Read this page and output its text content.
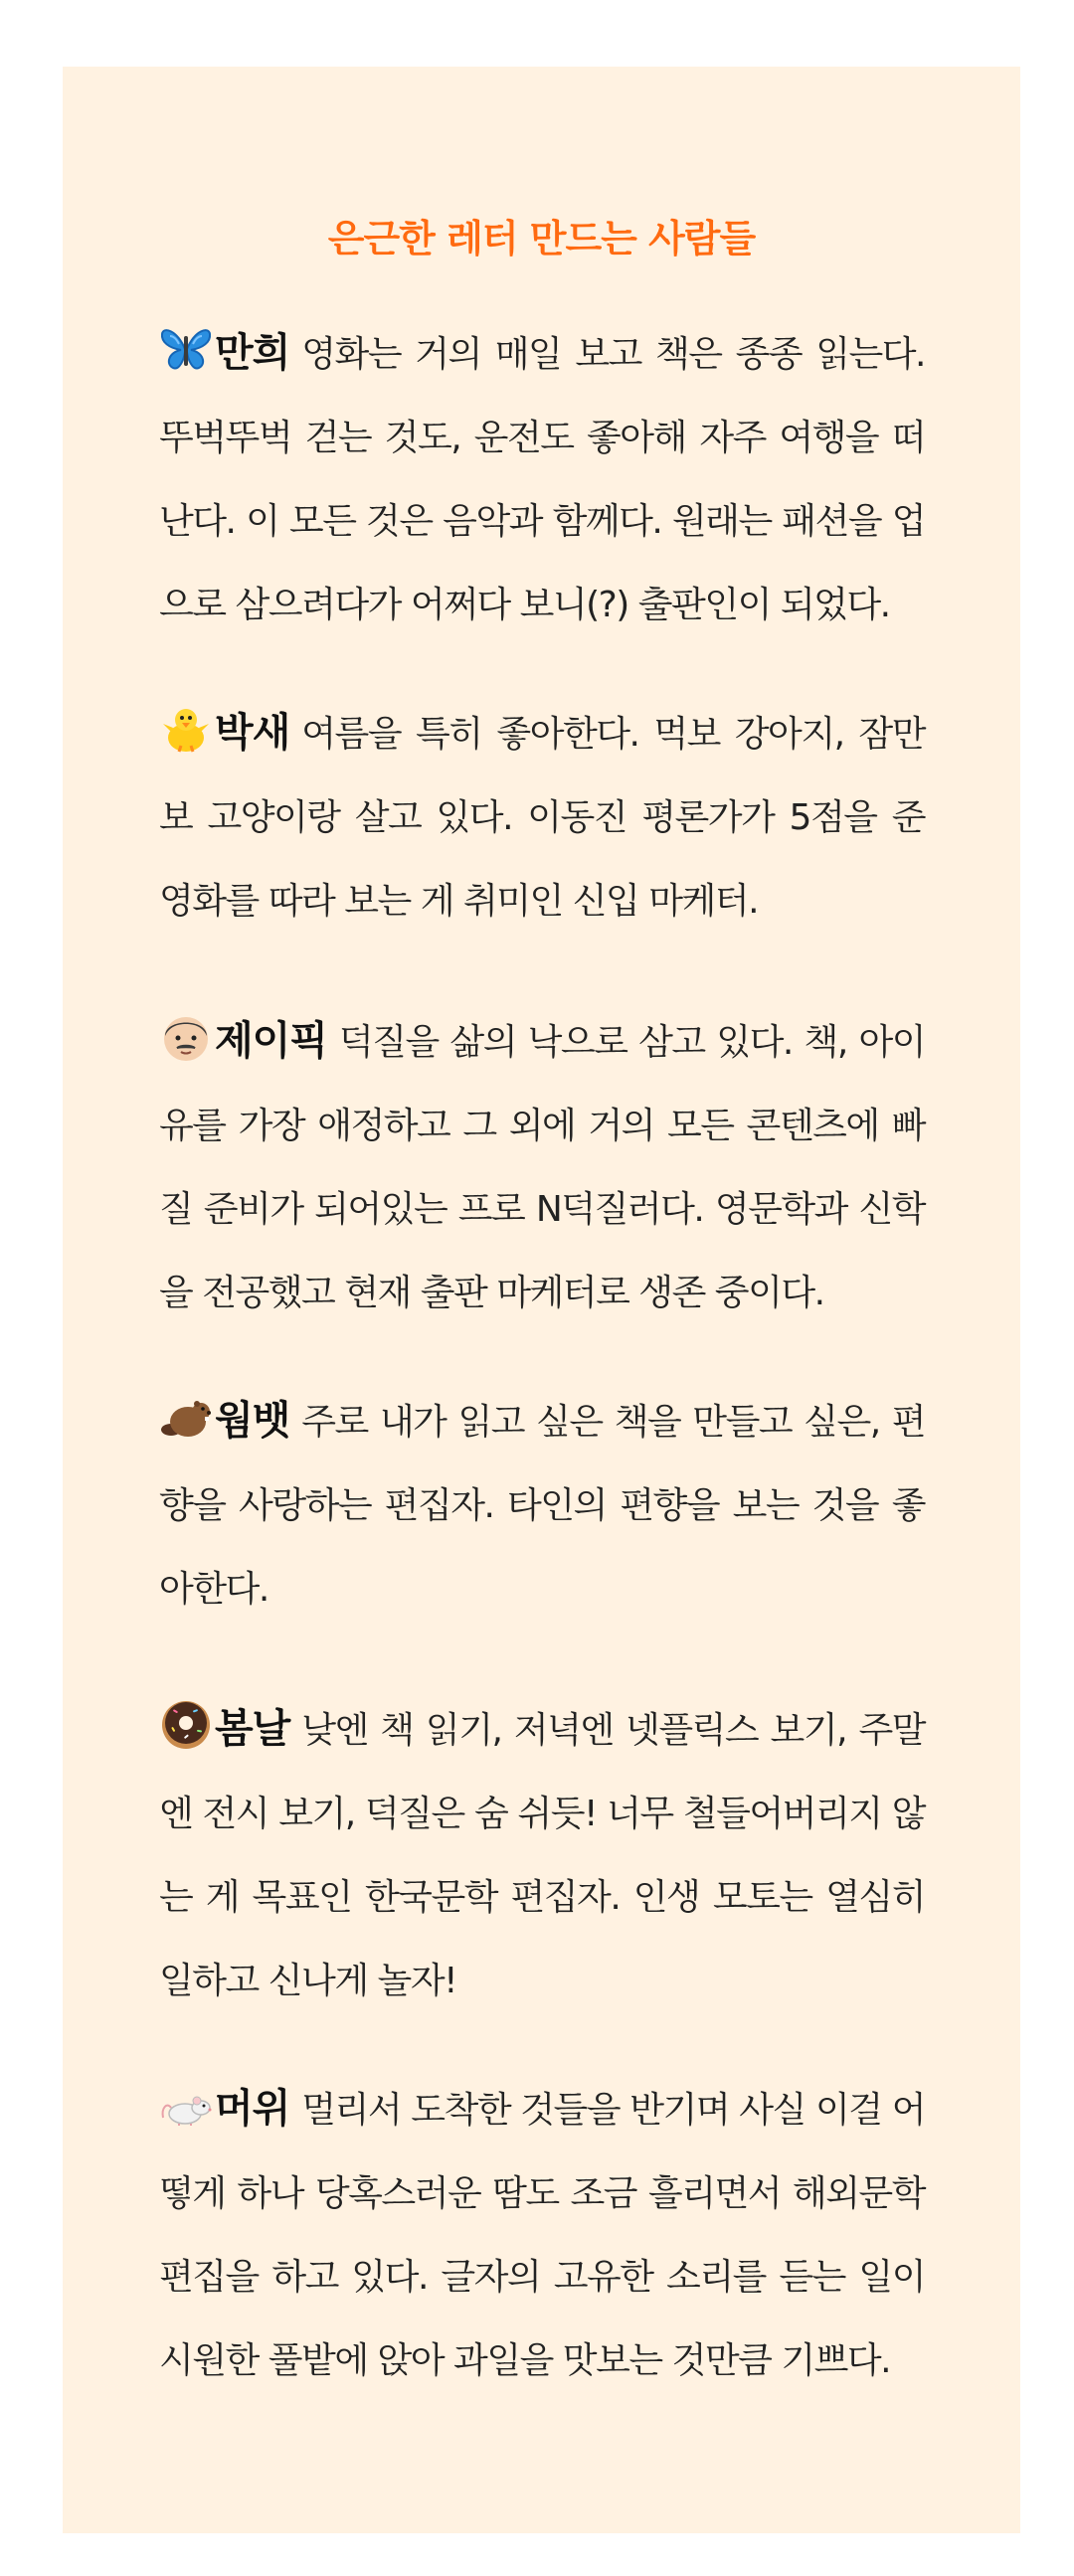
은근한 레터 만드는 사람들
만희 영화는 거의 매일 보고 책은 종종 읽는다. 뚜벅뚜벅 걷는 것도, 운전도 좋아해 자주 여행을 떠난다. 이 모든 것은 음악과 함께다. 원래는 패션을 업으로 삼으려다가 어쩌다 보니(?) 출판인이 되었다.
박새 여름을 특히 좋아한다. 먹보 강아지, 잠만보 고양이랑 살고 있다. 이동진 평론가가 5점을 준 영화를 따라 보는 게 취미인 신입 마케터.
제이픽 덕질을 삶의 낙으로 삼고 있다. 책, 아이유를 가장 애정하고 그 외에 거의 모든 콘텐츠에 빠질 준비가 되어있는 프로 N덕질러다. 영문학과 신학을 전공했고 현재 출판 마케터로 생존 중이다.
웜뱃 주로 내가 읽고 싶은 책을 만들고 싶은, 편향을 사랑하는 편집자. 타인의 편향을 보는 것을 좋아한다.
봄날 낮엔 책 읽기, 저녁엔 넷플릭스 보기, 주말엔 전시 보기, 덕질은 숨 쉬듯! 너무 철들어버리지 않는 게 목표인 한국문학 편집자. 인생 모토는 열심히 일하고 신나게 놀자!
머위 멀리서 도착한 것들을 반기며 사실 이걸 어떻게 하나 당혹스러운 땀도 조금 흘리면서 해외문학 편집을 하고 있다. 글자의 고유한 소리를 듣는 일이 시원한 풀밭에 앉아 과일을 맛보는 것만큼 기쁘다.
